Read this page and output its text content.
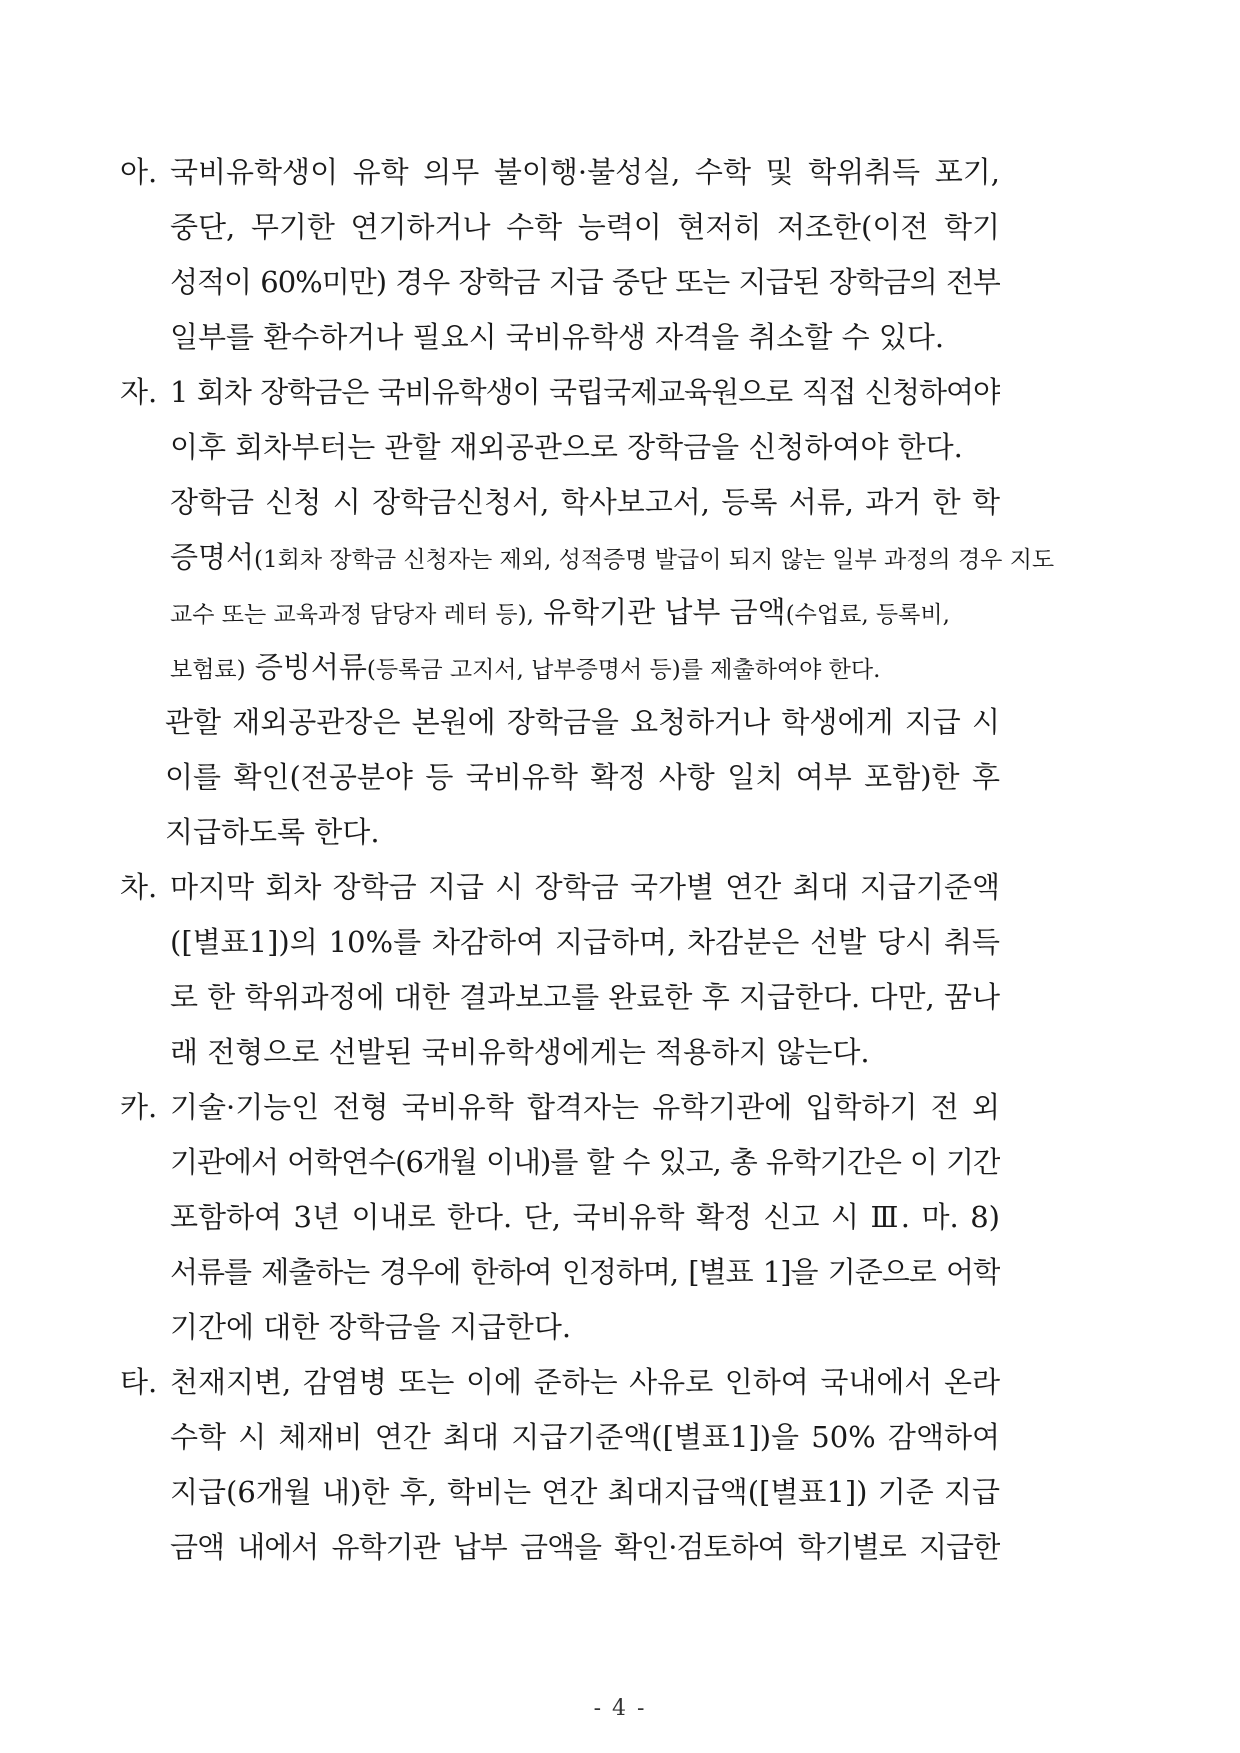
아. 국비유학생이 유학 의무 불이행·불성실, 수학 및 학위취득 포기,
중단, 무기한 연기하거나 수학 능력이 현저히 저조한(이전 학기
성적이 60%미만) 경우 장학금 지급 중단 또는 지급된 장학금의 전부
일부를 환수하거나 필요시 국비유학생 자격을 취소할 수 있다.
자. 1 회차 장학금은 국비유학생이 국립국제교육원으로 직접 신청하여야
이후 회차부터는 관할 재외공관으로 장학금을 신청하여야 한다.
장학금 신청 시 장학금신청서, 학사보고서, 등록 서류, 과거 한 학
증명서(1회차 장학금 신청자는 제외, 성적증명 발급이 되지 않는 일부 과정의 경우 지도
교수 또는 교육과정 담당자 레터 등), 유학기관 납부 금액(수업료, 등록비,
보험료) 증빙서류(등록금 고지서, 납부증명서 등)를 제출하여야 한다.
관할 재외공관장은 본원에 장학금을 요청하거나 학생에게 지급 시
이를 확인(전공분야 등 국비유학 확정 사항 일치 여부 포함)한 후
지급하도록 한다.
차. 마지막 회차 장학금 지급 시 장학금 국가별 연간 최대 지급기준액
([별표1])의 10%를 차감하여 지급하며, 차감분은 선발 당시 취득
로 한 학위과정에 대한 결과보고를 완료한 후 지급한다. 다만, 꿈나
래 전형으로 선발된 국비유학생에게는 적용하지 않는다.
카. 기술·기능인 전형 국비유학 합격자는 유학기관에 입학하기 전 외
기관에서 어학연수(6개월 이내)를 할 수 있고, 총 유학기간은 이 기간
포함하여 3년 이내로 한다. 단, 국비유학 확정 신고 시 Ⅲ. 마. 8)
서류를 제출하는 경우에 한하여 인정하며, [별표 1]을 기준으로 어학
기간에 대한 장학금을 지급한다.
타. 천재지변, 감염병 또는 이에 준하는 사유로 인하여 국내에서 온라
수학 시 체재비 연간 최대 지급기준액([별표1])을 50% 감액하여
지급(6개월 내)한 후, 학비는 연간 최대지급액([별표1]) 기준 지급
금액 내에서 유학기관 납부 금액을 확인·검토하여 학기별로 지급한
- 4 -
